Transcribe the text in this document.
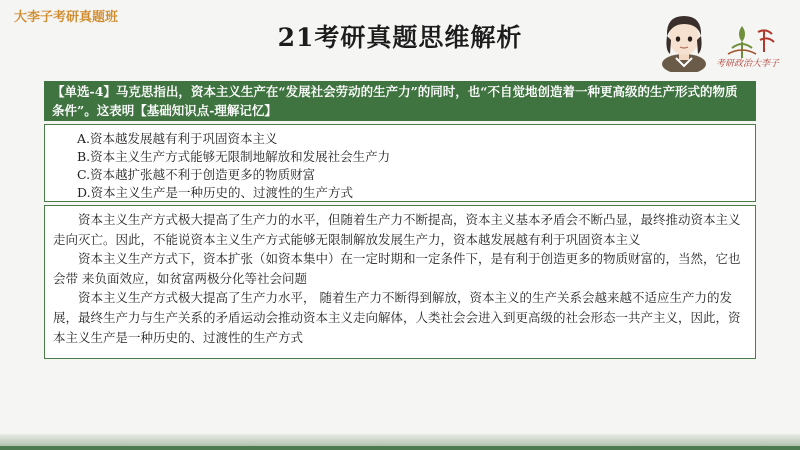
大李子考研真题班
21考研真题思维解析
考研政治大李子
【单选-4】马克思指出，资本主义生产在“发展社会劳动的生产力”的同时，也“不自觉地创造着一种更高级的生产形式的物质条件”。这表明【基础知识点-理解记忆】
A.资本越发展越有利于巩固资本主义
B.资本主义生产方式能够无限制地解放和发展社会生产力
C.资本越扩张越不利于创造更多的物质财富
D.资本主义生产是一种历史的、过渡性的生产方式

资本主义生产方式极大提高了生产力的水平，但随着生产力不断提高，资本主义基本矛盾会不断凸显，最终推动资本主义走向灭亡。因此，不能说资本主义生产方式能够无限制解放发展生产力，资本越发展越有利于巩固资本主义

资本主义生产方式下，资本扩张（如资本集中）在一定时期和一定条件下，是有利于创造更多的物质财富的，当然，它也会带 来负面效应，如贫富两极分化等社会问题

资本主义生产方式极大提高了生产力水平， 随着生产力不断得到解放，资本主义的生产关系会越来越不适应生产力的发展，最终生产力与生产关系的矛盾运动会推动资本主义走向解体，人类社会会进入到更高级的社会形态一共产主义，因此，资本主义生产是一种历史的、过渡性的生产方式
